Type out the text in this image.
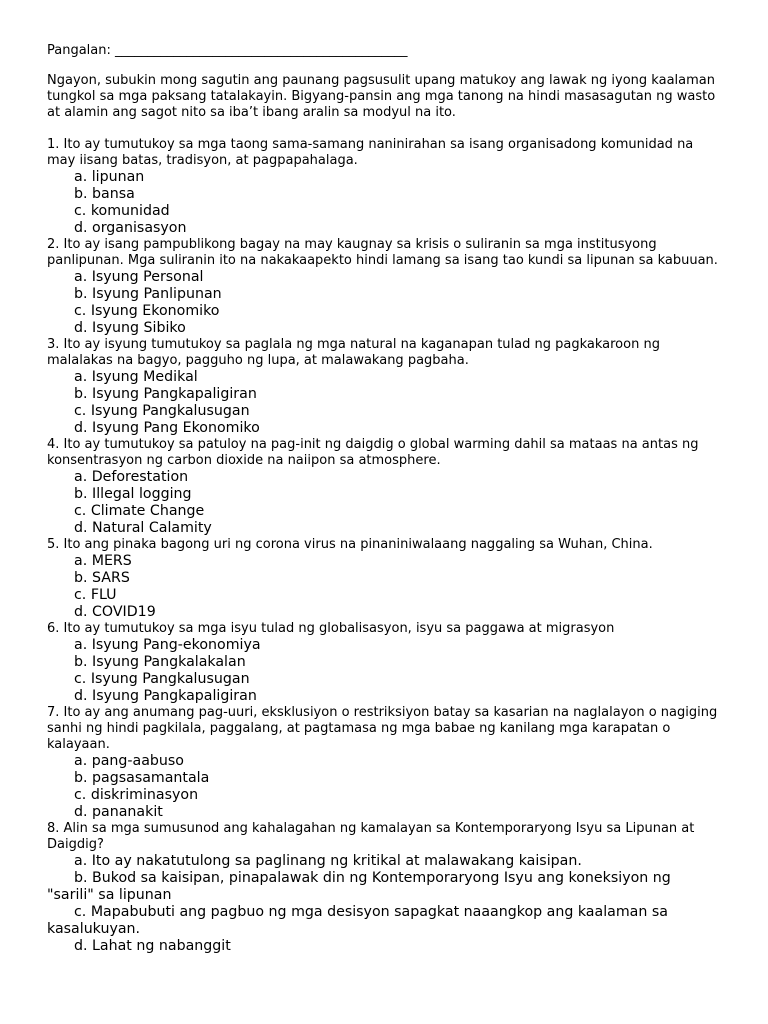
Pangalan: _____________________________________________

Ngayon, subukin mong sagutin ang paunang pagsusulit upang matukoy ang lawak ng iyong kaalaman tungkol sa mga paksang tatalakayin. Bigyang-pansin ang mga tanong na hindi masasagutan ng wasto at alamin ang sagot nito sa iba’t ibang aralin sa modyul na ito.

1. Ito ay tumutukoy sa mga taong sama-samang naninirahan sa isang organisadong komunidad na may iisang batas, tradisyon, at pagpapahalaga.
a. lipunan
b. bansa
c. komunidad
d. organisasyon
2. Ito ay isang pampublikong bagay na may kaugnay sa krisis o suliranin sa mga institusyong panlipunan. Mga suliranin ito na nakakaapekto hindi lamang sa isang tao kundi sa lipunan sa kabuuan.
a. Isyung Personal
b. Isyung Panlipunan
c. Isyung Ekonomiko
d. Isyung Sibiko
3. Ito ay isyung tumutukoy sa paglala ng mga natural na kaganapan tulad ng pagkakaroon ng malalakas na bagyo, pagguho ng lupa, at malawakang pagbaha.
a. Isyung Medikal
b. Isyung Pangkapaligiran
c. Isyung Pangkalusugan
d. Isyung Pang Ekonomiko
4. Ito ay tumutukoy sa patuloy na pag-init ng daigdig o global warming dahil sa mataas na antas ng konsentrasyon ng carbon dioxide na naiipon sa atmosphere.
a. Deforestation
b. Illegal logging
c. Climate Change
d. Natural Calamity
5. Ito ang pinaka bagong uri ng corona virus na pinaniniwalaang naggaling sa Wuhan, China.
a. MERS
b. SARS
c. FLU
d. COVID19
6. Ito ay tumutukoy sa mga isyu tulad ng globalisasyon, isyu sa paggawa at migrasyon
a. Isyung Pang-ekonomiya
b. Isyung Pangkalakalan
c. Isyung Pangkalusugan
d. Isyung Pangkapaligiran
7. Ito ay ang anumang pag-uuri, eksklusiyon o restriksiyon batay sa kasarian na naglalayon o nagiging sanhi ng hindi pagkilala, paggalang, at pagtamasa ng mga babae ng kanilang mga karapatan o kalayaan.
a. pang-aabuso
b. pagsasamantala
c. diskriminasyon
d. pananakit
8. Alin sa mga sumusunod ang kahalagahan ng kamalayan sa Kontemporaryong Isyu sa Lipunan at Daigdig?
a. Ito ay nakatutulong sa paglinang ng kritikal at malawakang kaisipan.
b. Bukod sa kaisipan, pinapalawak din ng Kontemporaryong Isyu ang koneksiyon ng "sarili" sa lipunan
c. Mapabubuti ang pagbuo ng mga desisyon sapagkat naaangkop ang kaalaman sa kasalukuyan.
d. Lahat ng nabanggit
